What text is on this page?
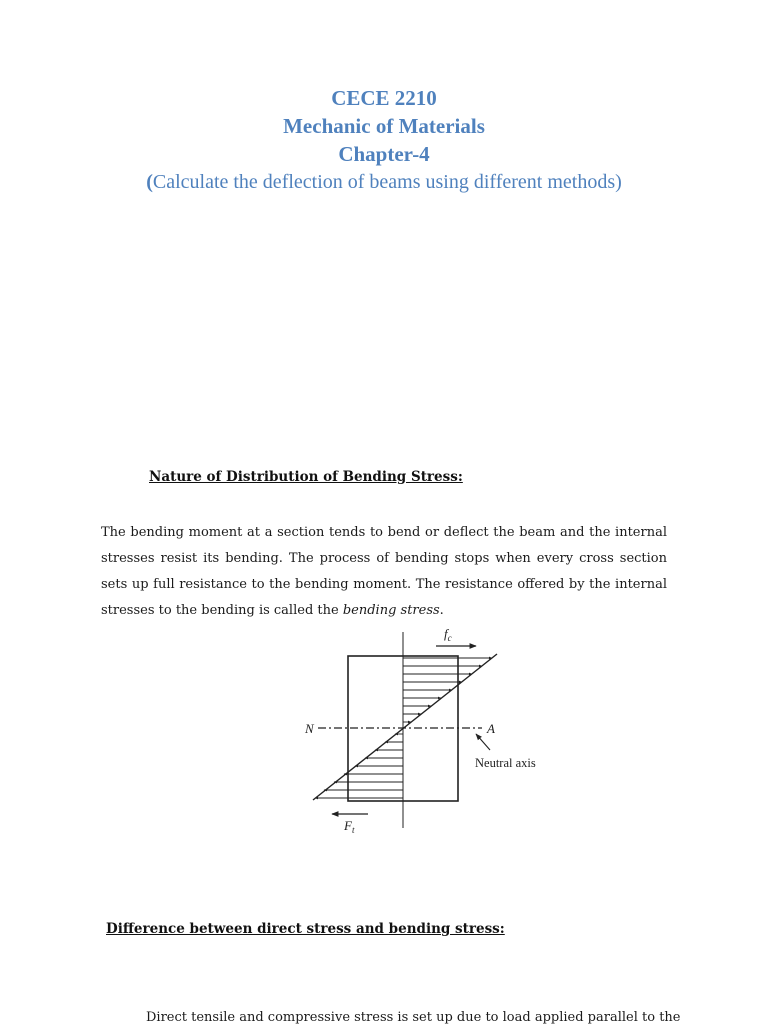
CECE 2210
Mechanic of Materials
Chapter-4
(Calculate the deflection of beams using different methods)
Nature of Distribution of Bending Stress:
The bending moment at a section tends to bend or deflect the beam and the internal stresses resist its bending. The process of bending stops when every cross section sets up full resistance to the bending moment. The resistance offered by the internal stresses to the bending is called the bending stress.
$f_c$
$F_t$
N	A
Neutral axis
Difference between direct stress and bending stress:
Direct tensile and compressive stress is set up due to load applied parallel to the
